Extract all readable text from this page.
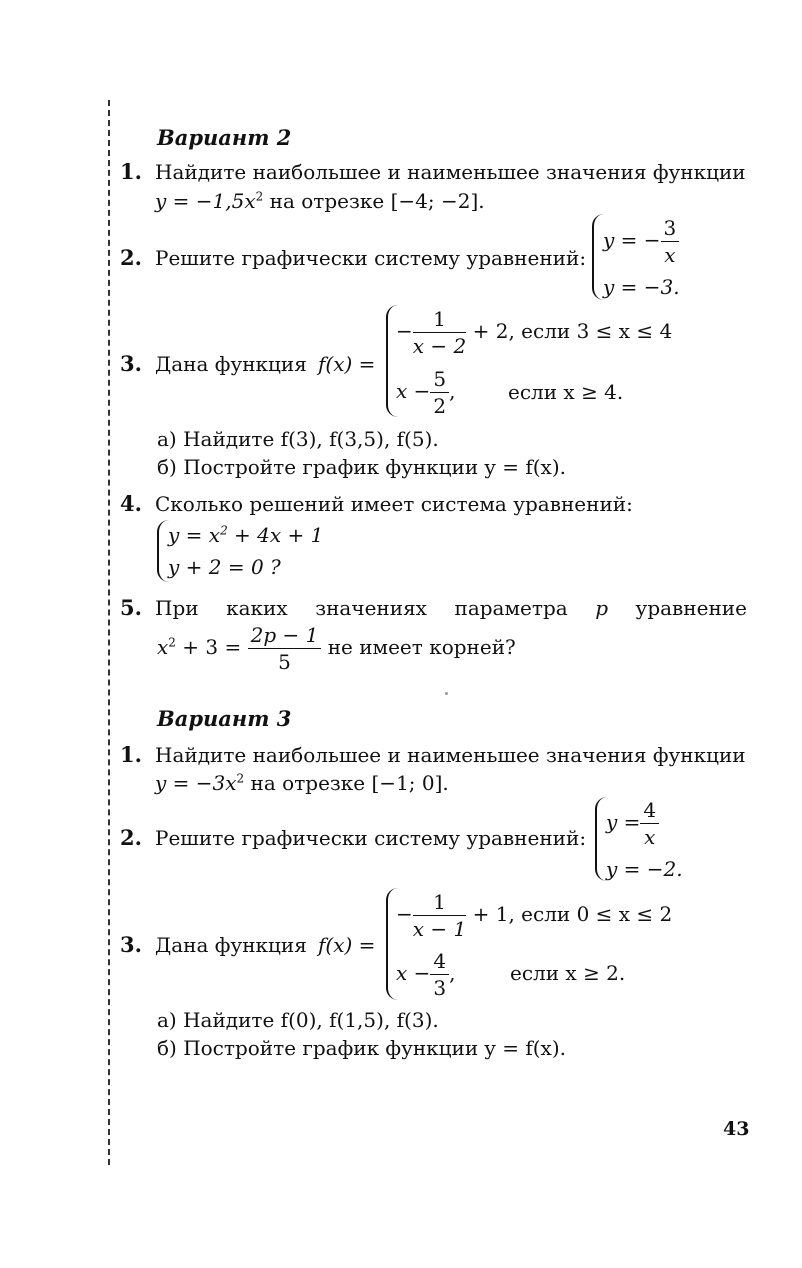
Вариант 2
1. Найдите наибольшее и наименьшее значения функции
$y = -1,5x^2$ на отрезке [−4; −2].
2. Решите графически систему уравнений:
y = − $\frac{3}{x}$
y = −3.
3. Дана функция f(x) =
− $\frac{1}{x - 2} + 2$, если 3 ≤ x ≤ 4
$x - \frac{5}{2}$ ,	если x ≥ 4.
а) Найдите f(3), f(3,5), f(5).
б) Постройте график функции y = f(x).
4. Сколько решений имеет система уравнений:
$y = x^2 + 4x + 1$
y + 2 = 0 ?
5. При каких значениях параметра p уравнение
$x^2 + 3 = \frac{2p - 1}{5}$ не имеет корней?
Вариант 3
1. Найдите наибольшее и наименьшее значения функции
$y = -3x^2$ на отрезке [−1; 0].
2. Решите графически систему уравнений:
$y = \frac{4}{x}$
y = −2.
3. Дана функция f(x) =
− $\frac{1}{x - 1} + 1$, если 0 ≤ x ≤ 2
$x - \frac{4}{3}$ ,	если x ≥ 2.
а) Найдите f(0), f(1,5), f(3).
б) Постройте график функции y = f(x).
43
